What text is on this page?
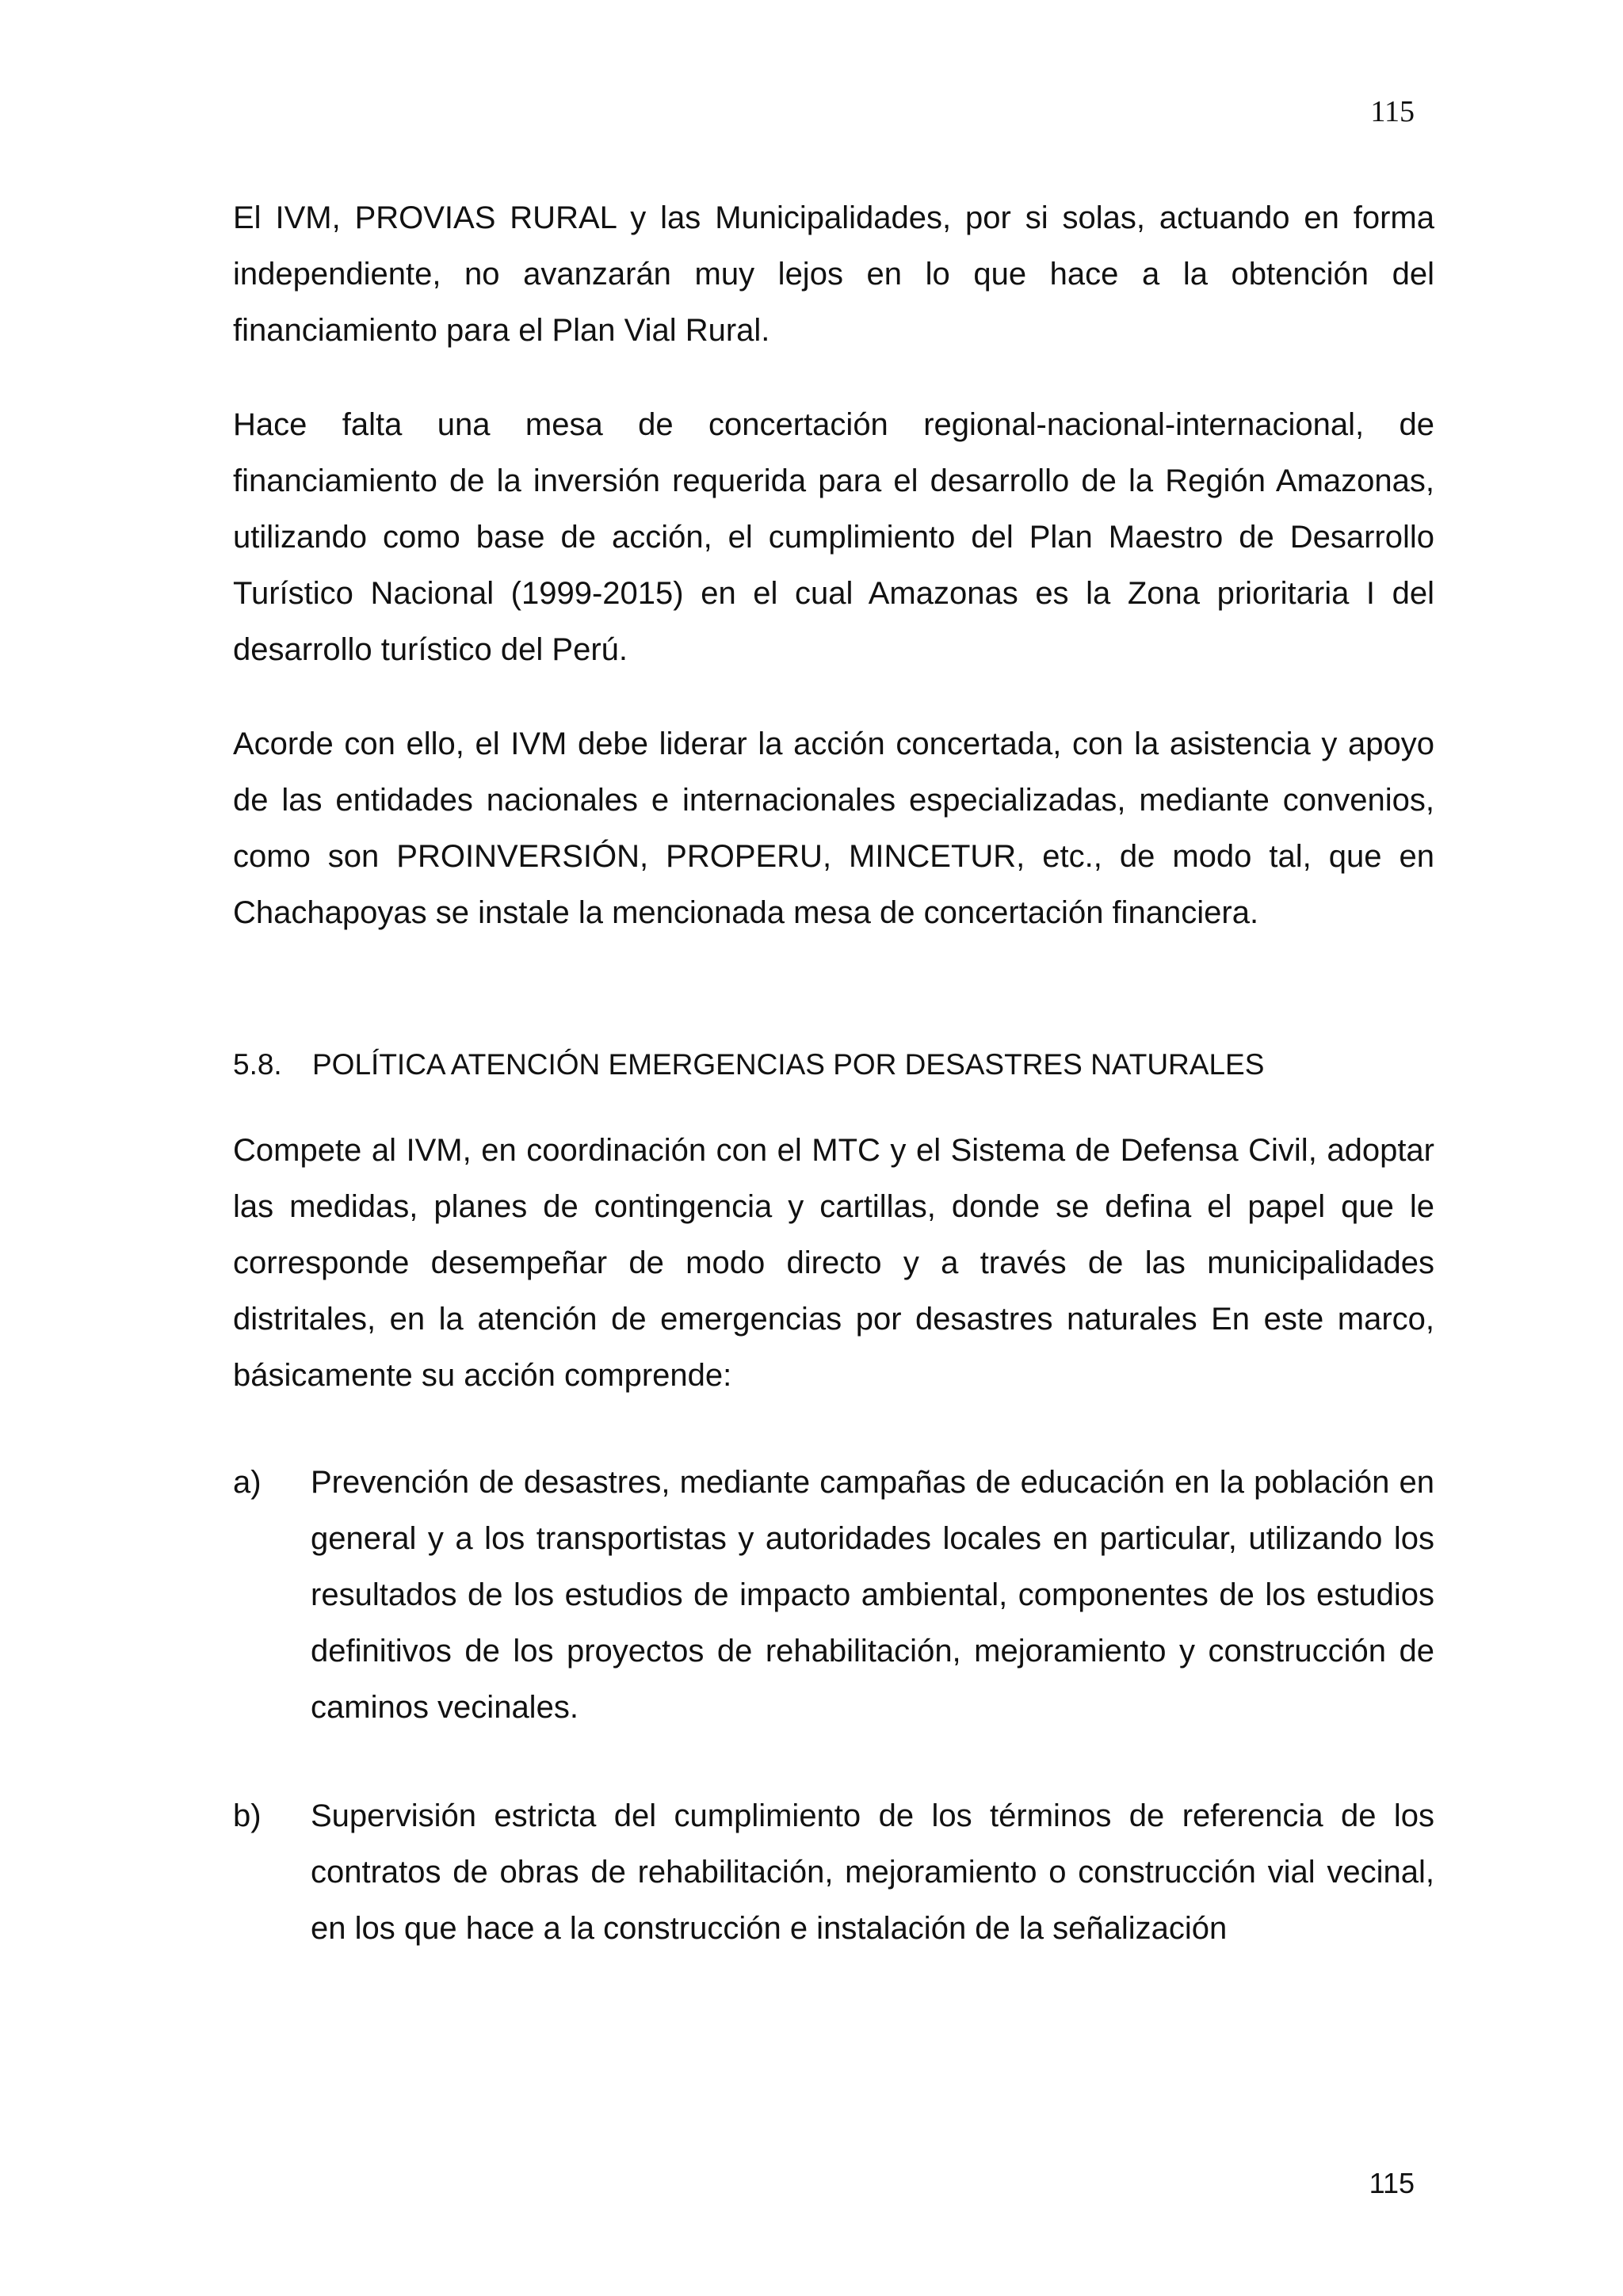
115

El IVM, PROVIAS RURAL y las Municipalidades, por si solas, actuando en forma independiente, no avanzarán muy lejos en lo que hace a la obtención del financiamiento para el Plan Vial Rural.

Hace falta una mesa de concertación regional-nacional-internacional, de financiamiento de la inversión requerida para el desarrollo de la Región Amazonas, utilizando como base de acción, el cumplimiento del Plan Maestro de Desarrollo Turístico Nacional (1999-2015) en el cual Amazonas es la Zona prioritaria I del desarrollo turístico del Perú.

Acorde con ello, el IVM debe liderar la acción concertada, con la asistencia y apoyo de las entidades nacionales e internacionales especializadas, mediante convenios, como son PROINVERSIÓN, PROPERU, MINCETUR, etc., de modo tal, que en Chachapoyas se instale la mencionada mesa de concertación financiera.

5.8.	POLÍTICA ATENCIÓN EMERGENCIAS POR DESASTRES NATURALES

Compete al IVM, en coordinación con el MTC y el Sistema de Defensa Civil, adoptar las medidas, planes de contingencia y cartillas, donde se defina el papel que le corresponde desempeñar de modo directo y a través de las municipalidades distritales, en la atención de emergencias por desastres naturales En este marco, básicamente su acción comprende:

a)	Prevención de desastres, mediante campañas de educación en la población en general y a los transportistas y autoridades locales en particular, utilizando los resultados de los estudios de impacto ambiental, componentes de los estudios definitivos de los proyectos de rehabilitación, mejoramiento y construcción de caminos vecinales.
b)	Supervisión estricta del cumplimiento de los términos de referencia de los contratos de obras de rehabilitación, mejoramiento o construcción vial vecinal, en los que hace a la construcción e instalación de la señalización
115
